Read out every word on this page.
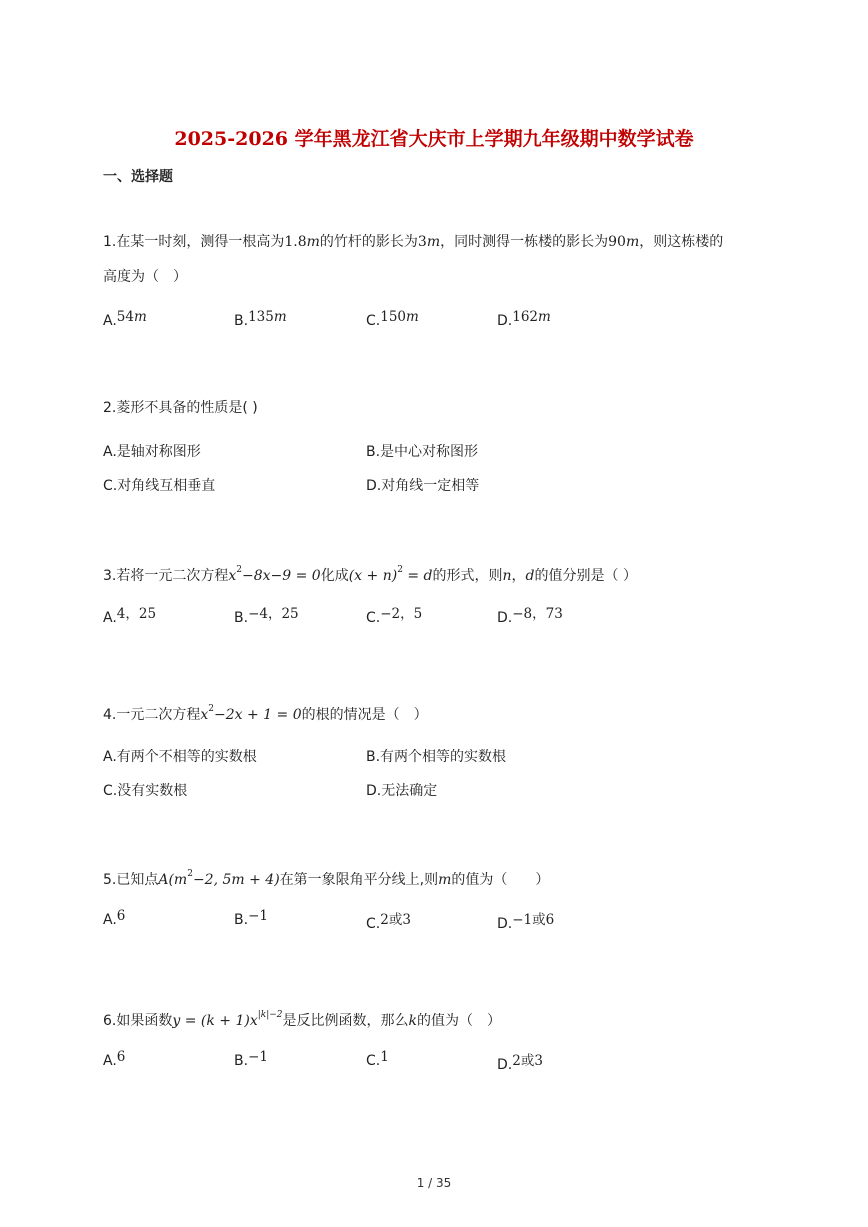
2025-2026 学年黑龙江省大庆市上学期九年级期中数学试卷
一、选择题
1.在某一时刻，测得一根高为1.8m的竹杆的影长为3m，同时测得一栋楼的影长为90m，则这栋楼的
高度为（　）
A.54m	B.135m	C.150m	D.162m
2.菱形不具备的性质是( )
A.是轴对称图形	B.是中心对称图形
C.对角线互相垂直	D.对角线一定相等
3.若将一元二次方程$x^2-8x-9 = 0$化成$(x + n)^2 = d$的形式，则n，d的值分别是（ ）
A.4，25	B.−4，25	C.−2，5	D.−8，73
4.一元二次方程$x^2-2x + 1 = 0$的根的情况是（　）
A.有两个不相等的实数根	B.有两个相等的实数根
C.没有实数根	D.无法确定
5.已知点$A(m^2-2$, 5m + 4)在第一象限角平分线上,则m的值为（　　）
A.6	B.−1	C.2或3	D.−1或6
6.如果函数$y = (k + 1)x^{|k|-2}$是反比例函数，那么k的值为（　）
A.6	B.−1	C.1	D.2或3
1 / 35
